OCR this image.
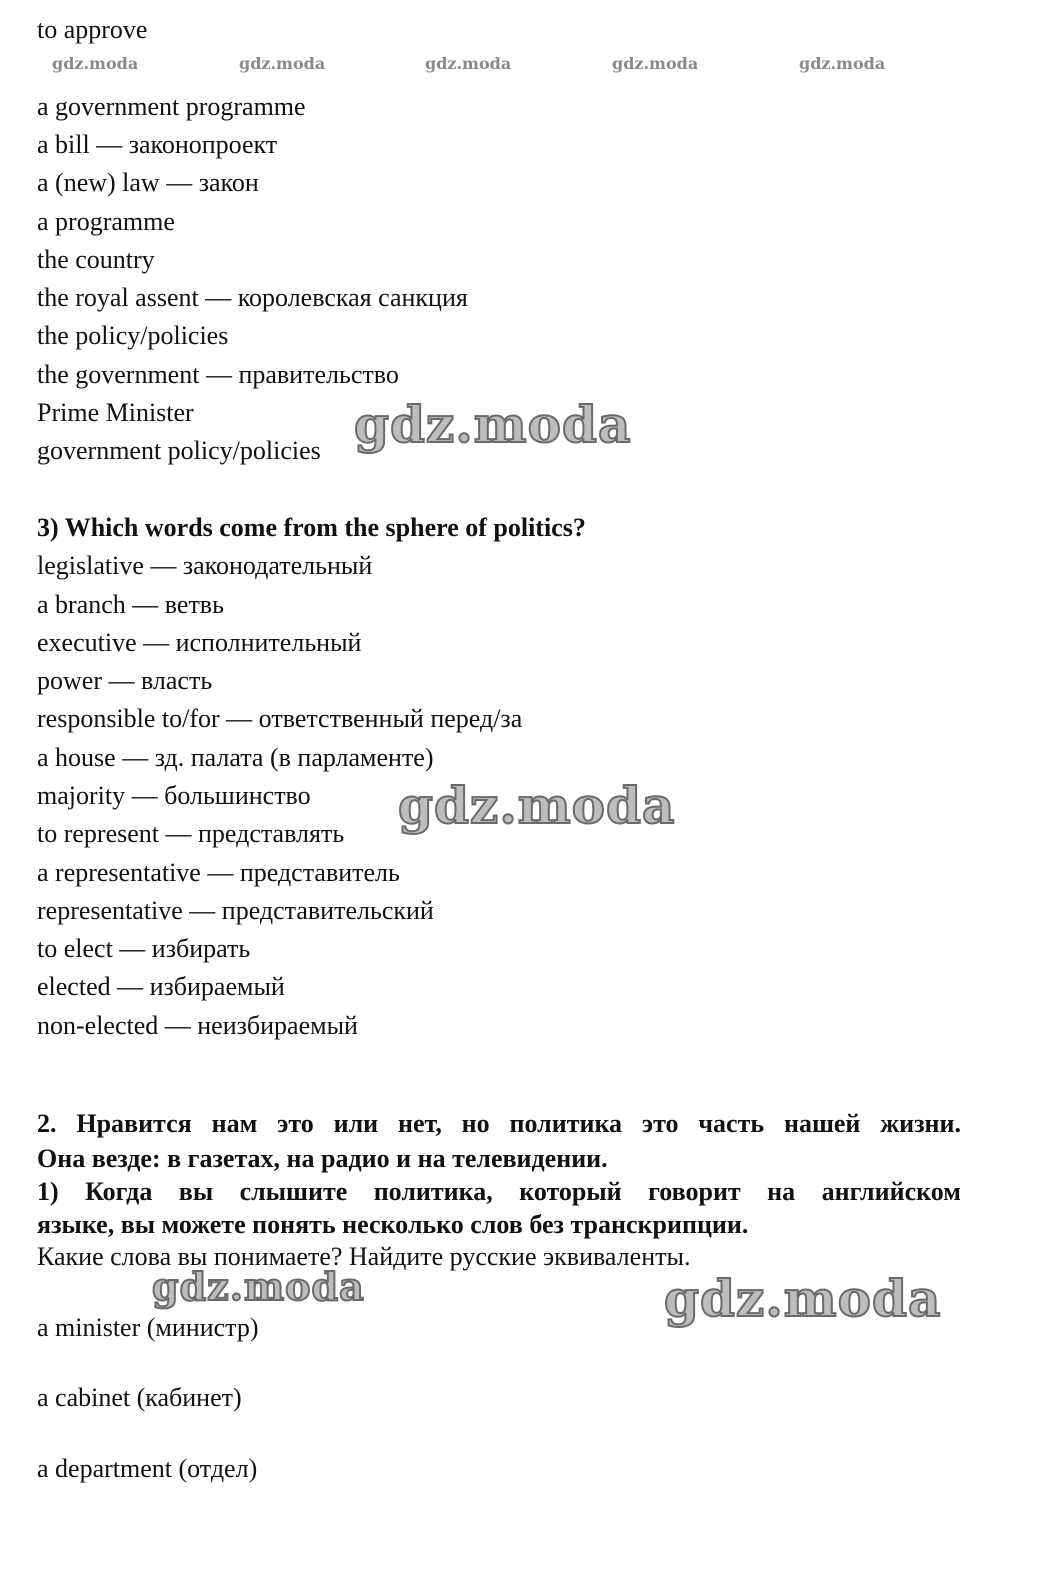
to approve
gdz.moda	gdz.moda	gdz.moda	gdz.moda	gdz.moda
a government programme
a bill — законопроект
a (new) law — закон
a programme
the country
the royal assent — королевская санкция
the policy/policies
the government — правительство
Prime Minister
government policy/policies gdz.moda
3) Which words come from the sphere of politics?
legislative — законодательный
a branch — ветвь
executive — исполнительный
power — власть
responsible to/for — ответственный перед/за
a house — зд. палата (в парламенте)
majority — большинство
to represent — представлять
a representative — представитель
representative — представительский
to elect — избирать
elected — избираемый
non-elected — неизбираемый
gdz.moda
2. Нравится нам это или нет, но политика это часть нашей жизни.
Она везде: в газетах, на радио и на телевидении.
1) Когда вы слышите политика, который говорит на английском
языке, вы можете понять несколько слов без транскрипции.
Какие слова вы понимаете? Найдите русские эквиваленты.
gdz.moda	gdz.moda
a minister (министр)
a cabinet (кабинет)
a department (отдел)
